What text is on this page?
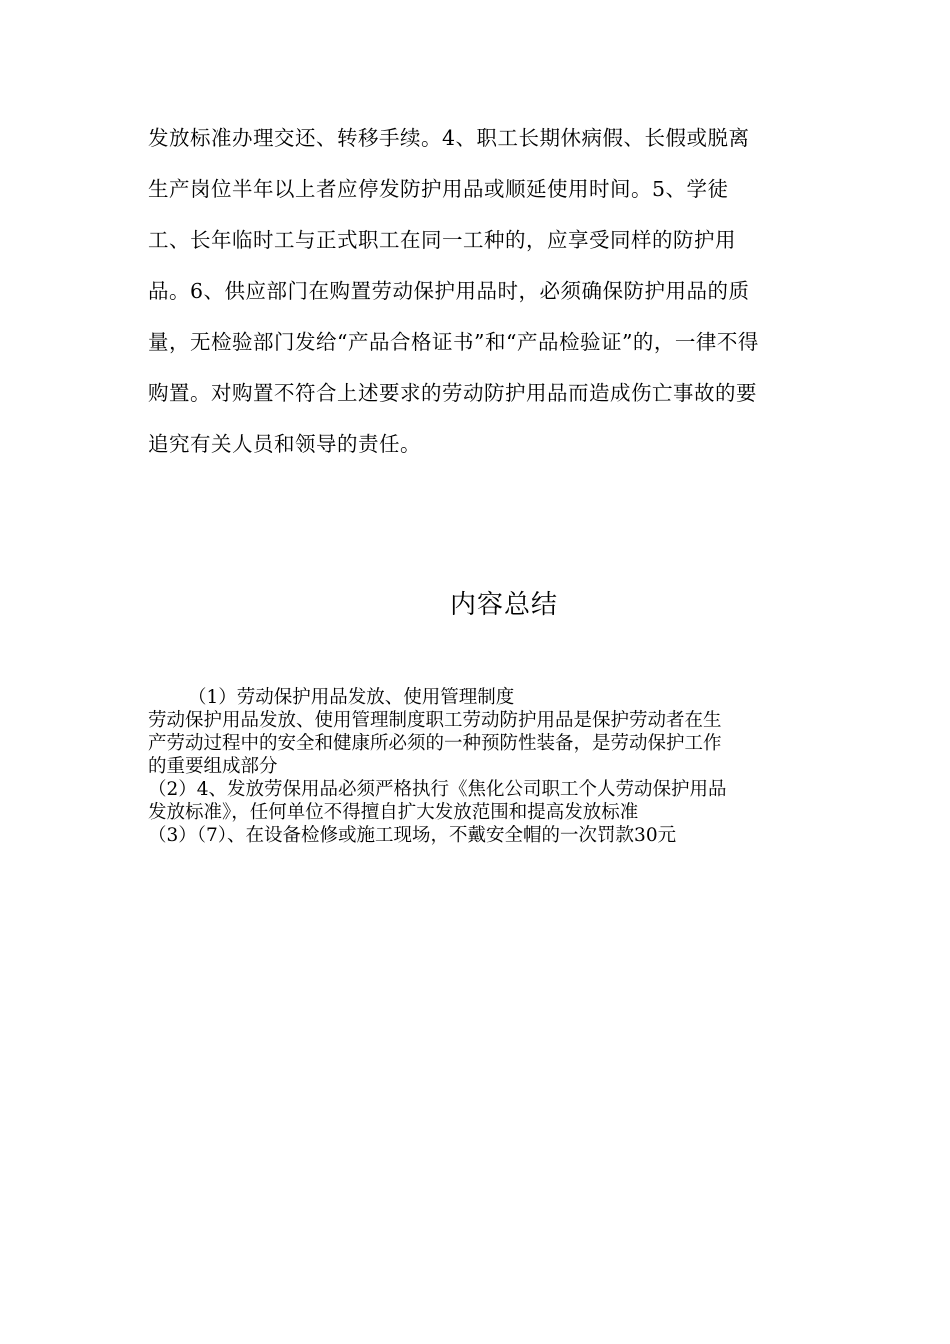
发放标准办理交还、转移手续。4、职工长期休病假、长假或脱离
生产岗位半年以上者应停发防护用品或顺延使用时间。5、学徒
工、长年临时工与正式职工在同一工种的，应享受同样的防护用
品。6、供应部门在购置劳动保护用品时，必须确保防护用品的质
量，无检验部门发给“产品合格证书”和“产品检验证”的，一律不得
购置。对购置不符合上述要求的劳动防护用品而造成伤亡事故的要
追究有关人员和领导的责任。
内容总结
（1）劳动保护用品发放、使用管理制度
劳动保护用品发放、使用管理制度职工劳动防护用品是保护劳动者在生
产劳动过程中的安全和健康所必须的一种预防性装备，是劳动保护工作
的重要组成部分
（2）4、发放劳保用品必须严格执行《焦化公司职工个人劳动保护用品
发放标准》，任何单位不得擅自扩大发放范围和提高发放标准
（3）（7）、在设备检修或施工现场，不戴安全帽的一次罚款30元
